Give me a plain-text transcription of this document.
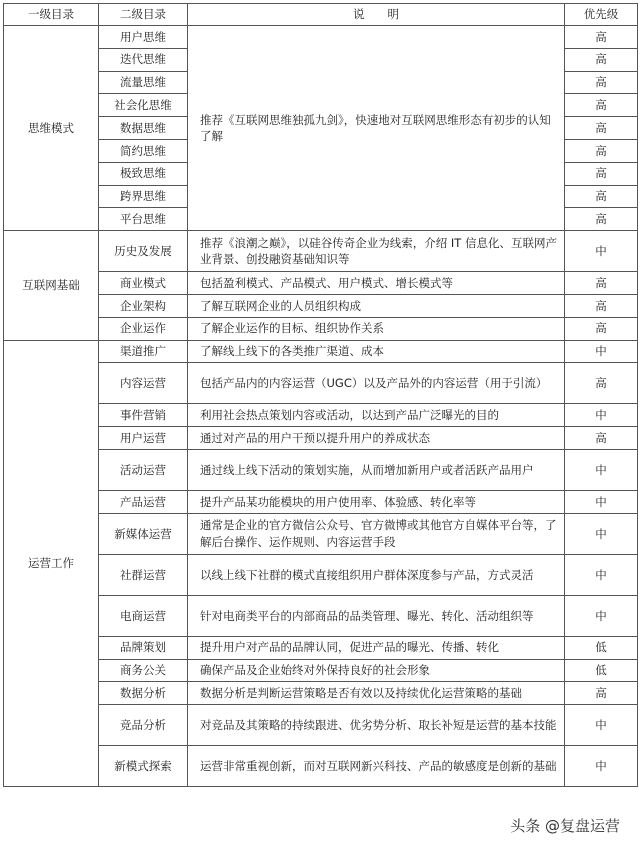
一级目录	二级目录	说　　明	优先级
思维模式	用户思维	推荐《互联网思维独孤九剑》，快速地对互联网思维形态有初步的认知了解	高
	迭代思维		高
	流量思维		高
	社会化思维		高
	数据思维		高
	简约思维		高
	极致思维		高
	跨界思维		高
	平台思维		高
互联网基础	历史及发展	推荐《浪潮之巅》，以硅谷传奇企业为线索，介绍 IT 信息化、互联网产业背景、创投融资基础知识等	中
	商业模式	包括盈利模式、产品模式、用户模式、增长模式等	高
	企业架构	了解互联网企业的人员组织构成	高
	企业运作	了解企业运作的目标、组织协作关系	高
运营工作	渠道推广	了解线上线下的各类推广渠道、成本	中
	内容运营	包括产品内的内容运营（UGC）以及产品外的内容运营（用于引流）	高
	事件营销	利用社会热点策划内容或活动，以达到产品广泛曝光的目的	中
	用户运营	通过对产品的用户干预以提升用户的养成状态	高
	活动运营	通过线上线下活动的策划实施，从而增加新用户或者活跃产品用户	中
	产品运营	提升产品某功能模块的用户使用率、体验感、转化率等	中
	新媒体运营	通常是企业的官方微信公众号、官方微博或其他官方自媒体平台等，了解后台操作、运作规则、内容运营手段	中
	社群运营	以线上线下社群的模式直接组织用户群体深度参与产品，方式灵活	中
	电商运营	针对电商类平台的内部商品的品类管理、曝光、转化、活动组织等	中
	品牌策划	提升用户对产品的品牌认同，促进产品的曝光、传播、转化	低
	商务公关	确保产品及企业始终对外保持良好的社会形象	低
	数据分析	数据分析是判断运营策略是否有效以及持续优化运营策略的基础	高
	竞品分析	对竞品及其策略的持续跟进、优劣势分析、取长补短是运营的基本技能	中
	新模式探索	运营非常重视创新，而对互联网新兴科技、产品的敏感度是创新的基础	中
头条 @复盘运营
